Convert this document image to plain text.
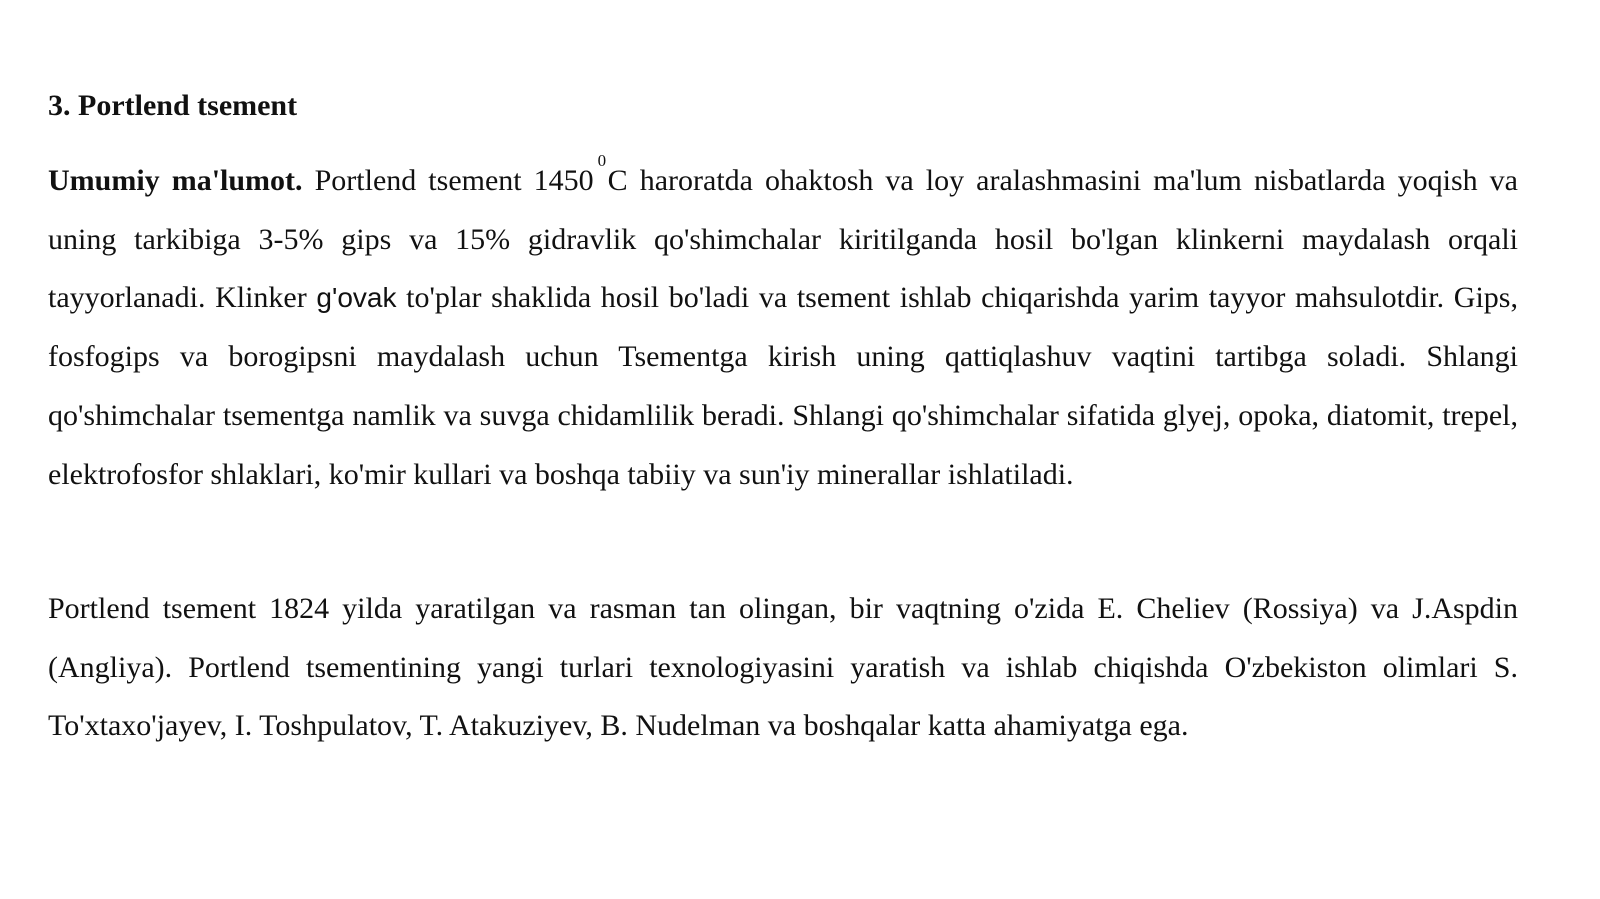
3. Portlend tsement

Umumiy ma'lumot. Portlend tsement 14500C haroratda ohaktosh va loy aralashmasini ma'lum nisbatlarda yoqish va uning tarkibiga 3-5% gips va 15% gidravlik qo'shimchalar kiritilganda hosil bo'lgan klinkerni maydalash orqali tayyorlanadi. Klinker g'ovak to'plar shaklida hosil bo'ladi va tsement ishlab chiqarishda yarim tayyor mahsulotdir. Gips, fosfogips va borogipsni maydalash uchun Tsementga kirish uning qattiqlashuv vaqtini tartibga soladi. Shlangi qo'shimchalar tsementga namlik va suvga chidamlilik beradi. Shlangi qo'shimchalar sifatida glyej, opoka, diatomit, trepel, elektrofosfor shlaklari, ko'mir kullari va boshqa tabiiy va sun'iy minerallar ishlatiladi.

Portlend tsement 1824 yilda yaratilgan va rasman tan olingan, bir vaqtning o'zida E. Cheliev (Rossiya) va J.Aspdin (Angliya). Portlend tsementining yangi turlari texnologiyasini yaratish va ishlab chiqishda O'zbekiston olimlari S. To'xtaxo'jayev, I. Toshpulatov, T. Atakuziyev, B. Nudelman va boshqalar katta ahamiyatga ega.
